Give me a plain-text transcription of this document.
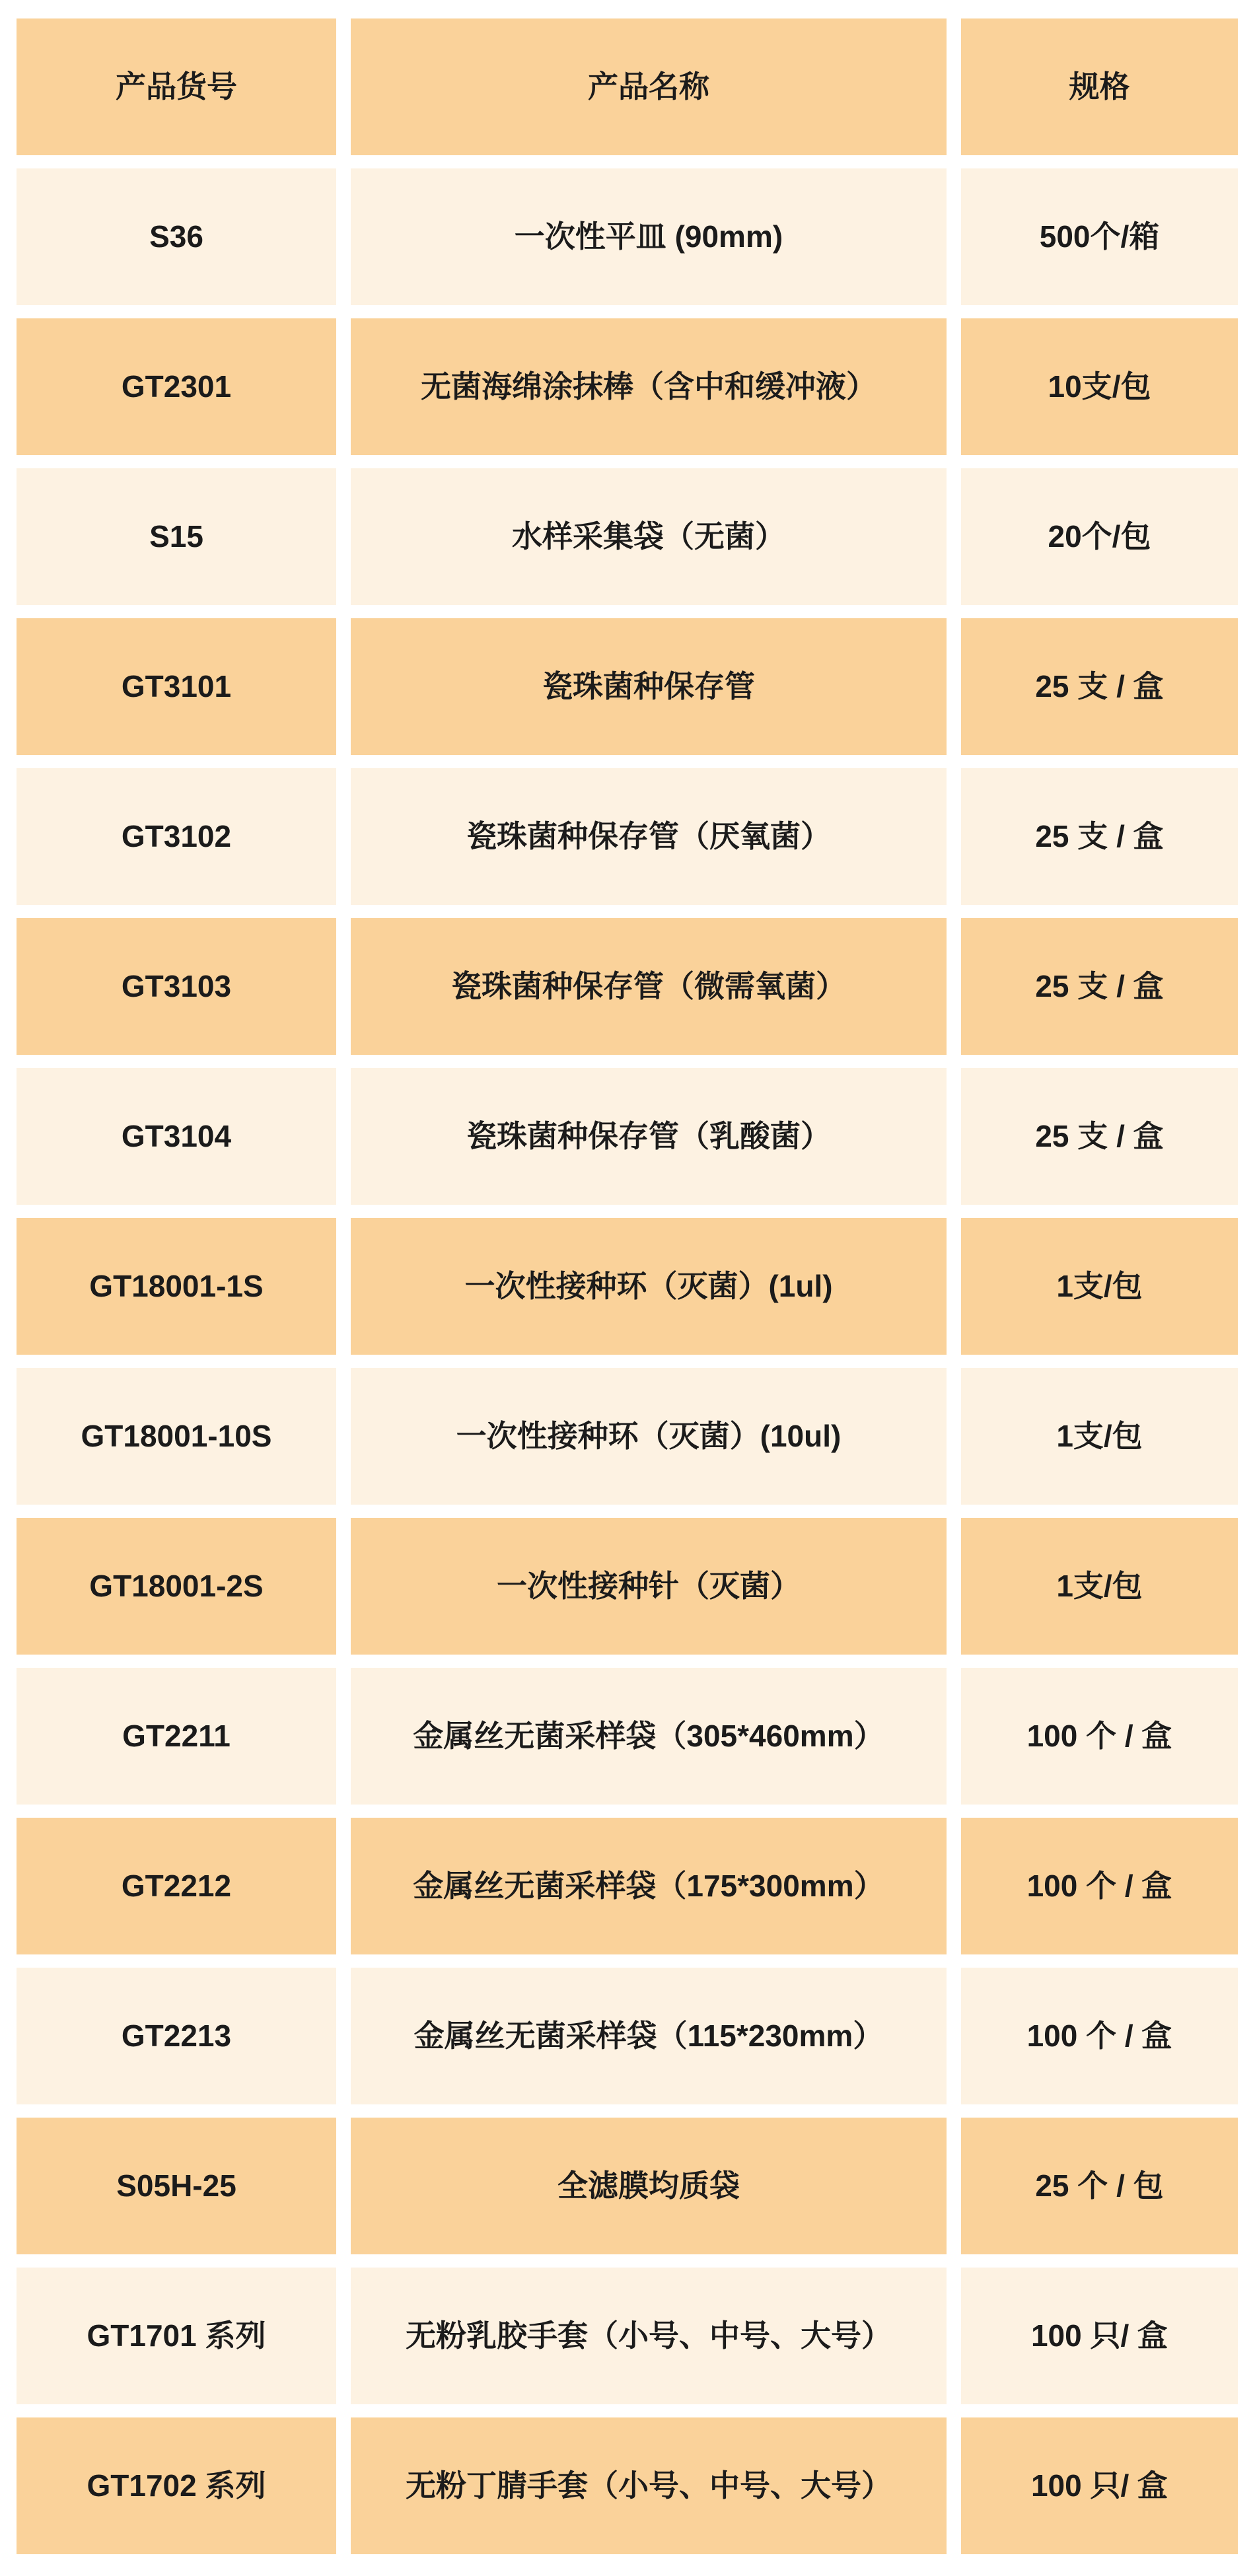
产品货号	产品名称	规格
S36	一次性平皿 (90mm)	500个/箱
GT2301	无菌海绵涂抹棒（含中和缓冲液）	10支/包
S15	水样采集袋（无菌）	20个/包
GT3101	瓷珠菌种保存管	25 支 / 盒
GT3102	瓷珠菌种保存管（厌氧菌）	25 支 / 盒
GT3103	瓷珠菌种保存管（微需氧菌）	25 支 / 盒
GT3104	瓷珠菌种保存管（乳酸菌）	25 支 / 盒
GT18001-1S	一次性接种环（灭菌）(1ul)	1支/包
GT18001-10S	一次性接种环（灭菌）(10ul)	1支/包
GT18001-2S	一次性接种针（灭菌）	1支/包
GT2211	金属丝无菌采样袋（305*460mm）	100 个 / 盒
GT2212	金属丝无菌采样袋（175*300mm）	100 个 / 盒
GT2213	金属丝无菌采样袋（115*230mm）	100 个 / 盒
S05H-25	全滤膜均质袋	25 个 / 包
GT1701 系列	无粉乳胶手套（小号、中号、大号）	100 只/ 盒
GT1702 系列	无粉丁腈手套（小号、中号、大号）	100 只/ 盒
